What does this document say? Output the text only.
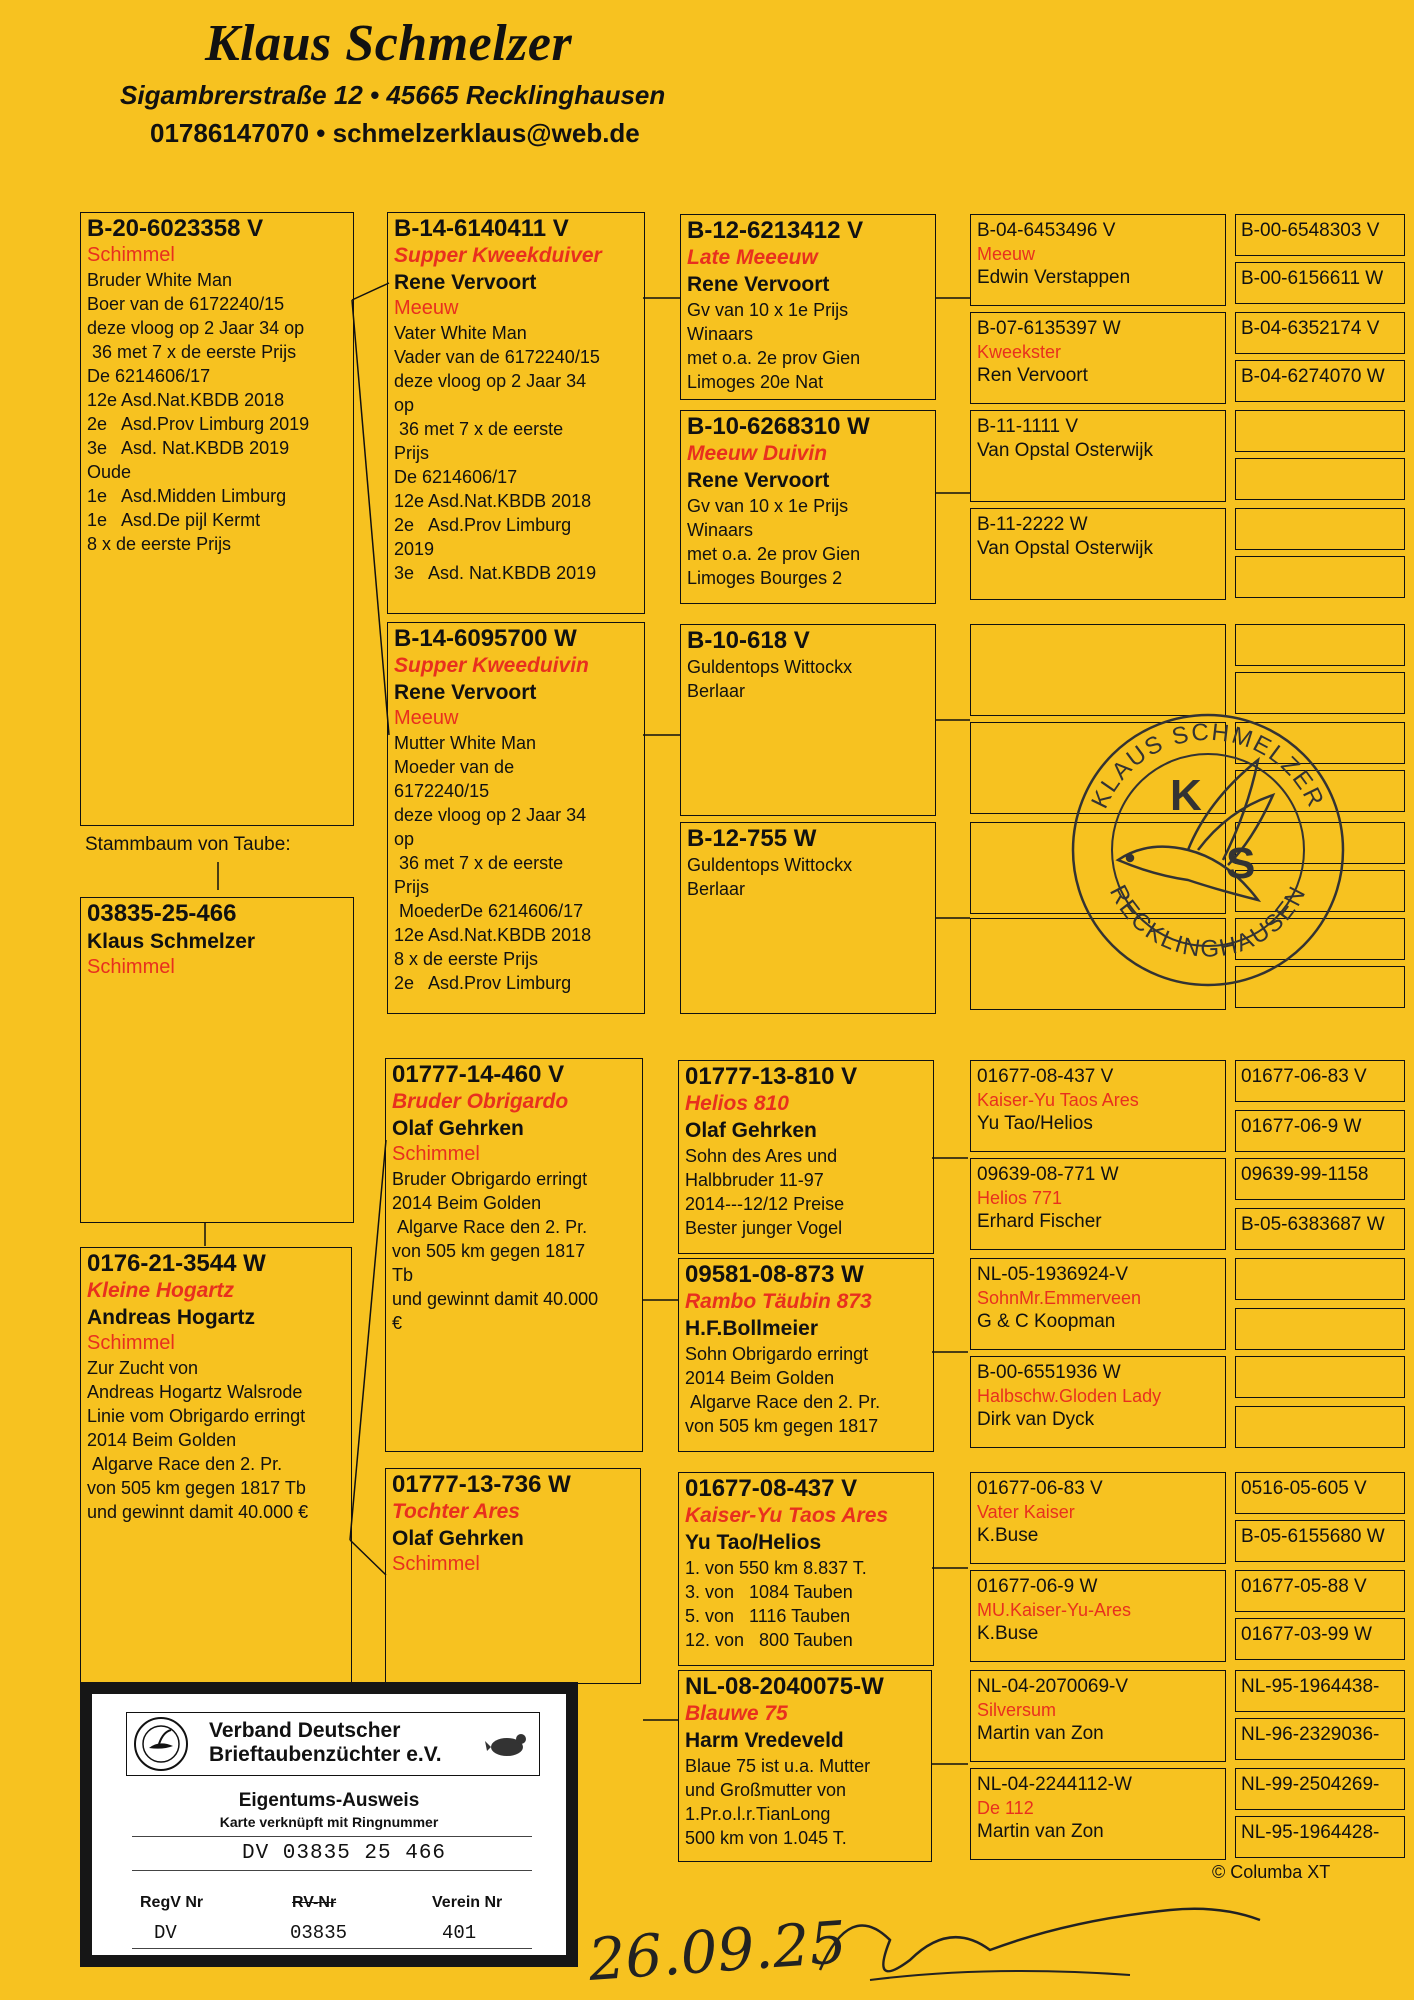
Klaus Schmelzer
Sigambrerstraße 12 • 45665 Recklinghausen
01786147070 • schmelzerklaus@web.de
B-20-6023358 V
Schimmel
Bruder White Man
Boer van de 6172240/15
deze vloog op 2 Jaar 34 op
36 met 7 x de eerste Prijs
De 6214606/17
12e Asd.Nat.KBDB 2018
2e   Asd.Prov Limburg 2019
3e   Asd. Nat.KBDB 2019
Oude
1e   Asd.Midden Limburg
1e   Asd.De pijl Kermt
8 x de eerste Prijs
Stammbaum von Taube:
03835-25-466
Klaus Schmelzer
Schimmel
0176-21-3544 W
Kleine Hogartz
Andreas Hogartz
Schimmel
Zur Zucht von
Andreas Hogartz Walsrode
Linie vom Obrigardo erringt
2014 Beim Golden
Algarve Race den 2. Pr.
von 505 km gegen 1817 Tb
und gewinnt damit 40.000 €
B-14-6140411 V
Supper Kweekduiver
Rene Vervoort
Meeuw
Vater White Man
Vader van de 6172240/15
deze vloog op 2 Jaar 34
op
36 met 7 x de eerste
Prijs
De 6214606/17
12e Asd.Nat.KBDB 2018
2e   Asd.Prov Limburg
2019
3e   Asd. Nat.KBDB 2019
B-14-6095700 W
Supper Kweeduivin
Rene Vervoort
Meeuw
Mutter White Man
Moeder van de
6172240/15
deze vloog op 2 Jaar 34
op
36 met 7 x de eerste
Prijs
MoederDe 6214606/17
12e Asd.Nat.KBDB 2018
8 x de eerste Prijs
2e   Asd.Prov Limburg
01777-14-460 V
Bruder Obrigardo
Olaf Gehrken
Schimmel
Bruder Obrigardo erringt
2014 Beim Golden
Algarve Race den 2. Pr.
von 505 km gegen 1817
Tb
und gewinnt damit 40.000
€
01777-13-736 W
Tochter Ares
Olaf Gehrken
Schimmel
B-12-6213412 V
Late Meeeuw
Rene Vervoort
Gv van 10 x 1e Prijs
Winaars
met o.a. 2e prov Gien
Limoges 20e Nat
B-10-6268310 W
Meeuw Duivin
Rene Vervoort
Gv van 10 x 1e Prijs
Winaars
met o.a. 2e prov Gien
Limoges Bourges 2
B-10-618 V
Guldentops Wittockx
Berlaar
B-12-755 W
Guldentops Wittockx
Berlaar
01777-13-810 V
Helios 810
Olaf Gehrken
Sohn des Ares und
Halbbruder 11-97
2014---12/12 Preise
Bester junger Vogel
09581-08-873 W
Rambo Täubin 873
H.F.Bollmeier
Sohn Obrigardo erringt
2014 Beim Golden
Algarve Race den 2. Pr.
von 505 km gegen 1817
01677-08-437 V
Kaiser-Yu Taos Ares
Yu Tao/Helios
1. von 550 km 8.837 T.
3. von   1084 Tauben
5. von   1116 Tauben
12. von   800 Tauben
NL-08-2040075-W
Blauwe 75
Harm Vredeveld
Blaue 75 ist u.a. Mutter
und Großmutter von
1.Pr.o.l.r.TianLong
500 km von 1.045 T.
B-04-6453496 V
Meeuw
Edwin Verstappen
B-07-6135397 W
Kweekster
Ren Vervoort
B-11-1111 V
Van Opstal Osterwijk
B-11-2222 W
Van Opstal Osterwijk
01677-08-437 V
Kaiser-Yu Taos Ares
Yu Tao/Helios
09639-08-771 W
Helios 771
Erhard Fischer
NL-05-1936924-V
SohnMr.Emmerveen
G & C Koopman
B-00-6551936 W
Halbschw.Gloden Lady
Dirk van Dyck
01677-06-83 V
Vater Kaiser
K.Buse
01677-06-9 W
MU.Kaiser-Yu-Ares
K.Buse
NL-04-2070069-V
Silversum
Martin van Zon
NL-04-2244112-W
De 112
Martin van Zon
B-00-6548303 V
B-00-6156611 W
B-04-6352174 V
B-04-6274070 W
01677-06-83 V
01677-06-9 W
09639-99-1158
B-05-6383687 W
0516-05-605 V
B-05-6155680 W
01677-05-88 V
01677-03-99 W
NL-95-1964438-
NL-96-2329036-
NL-99-2504269-
NL-95-1964428-
KLAUS SCHMELZER
RECKLINGHAUSEN
K
S
Verband Deutscher
Brieftaubenzüchter e.V.
Eigentums-Ausweis
Karte verknüpft mit Ringnummer
DV 03835 25 466
RegV Nr	RV-Nr	Verein Nr
DV	03835	401
© Columba XT
26.09.25
